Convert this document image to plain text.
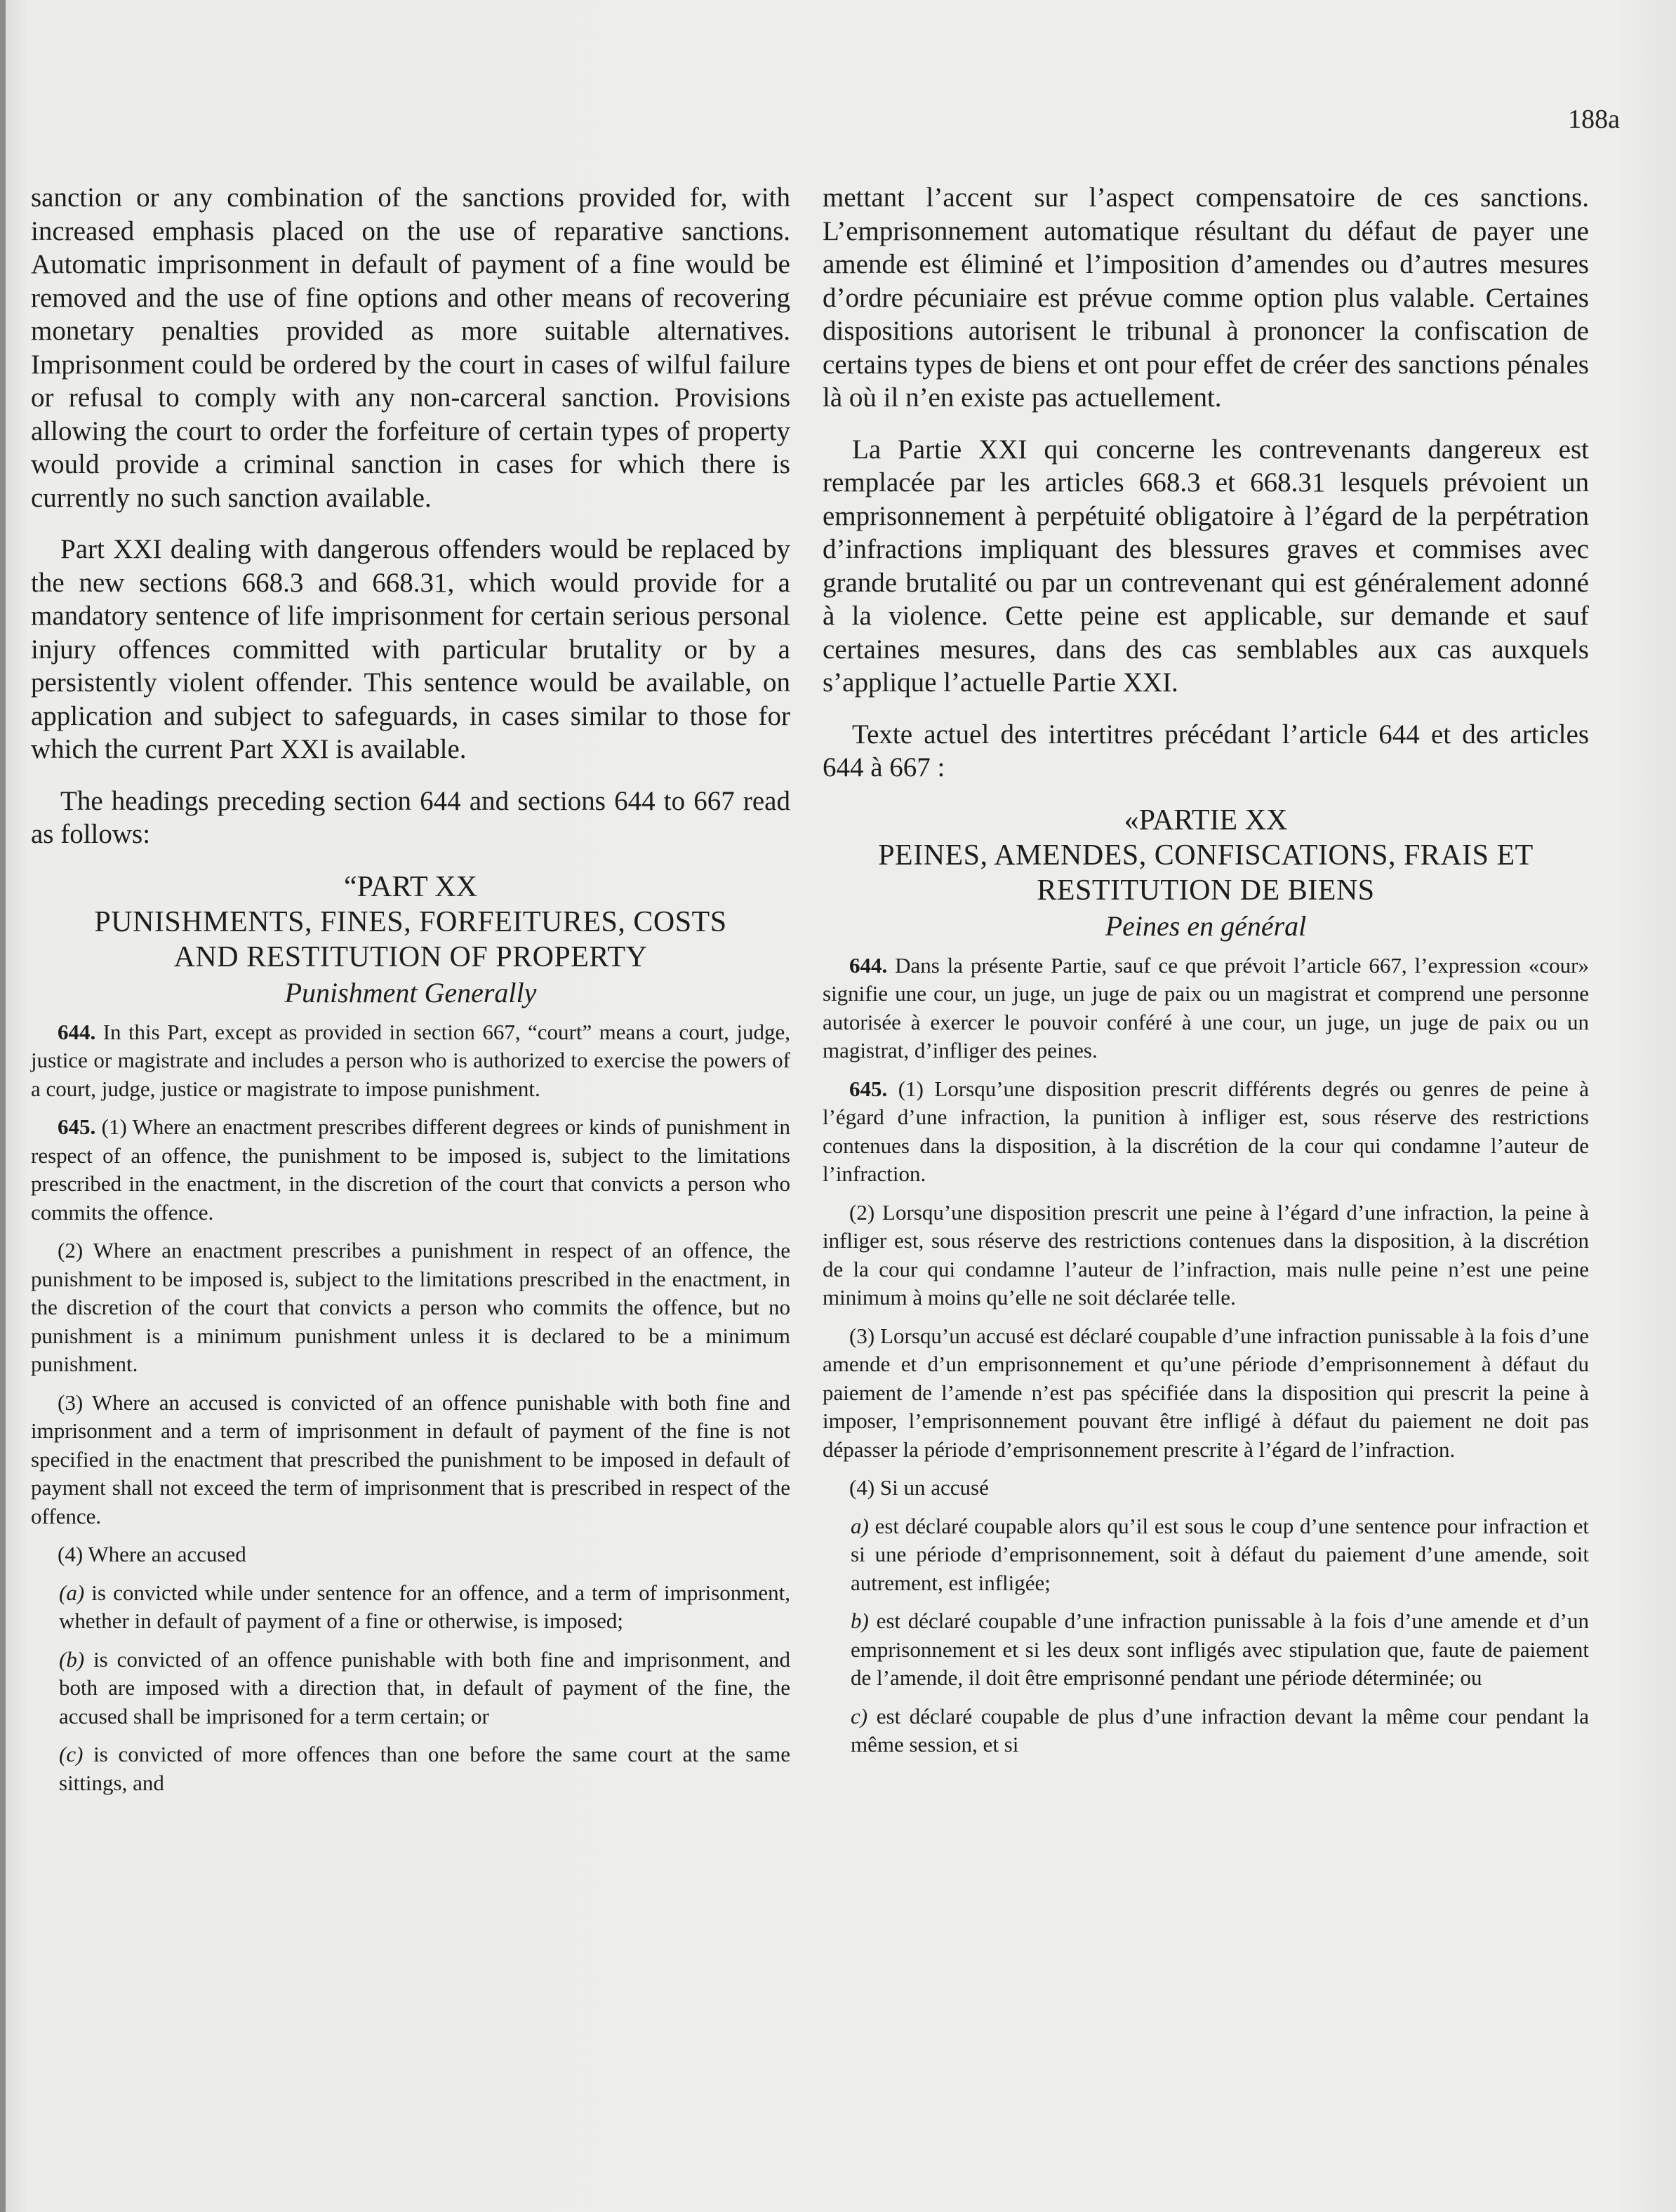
188a

sanction or any combination of the sanctions provided for, with increased emphasis placed on the use of reparative sanctions. Automatic imprisonment in default of payment of a fine would be removed and the use of fine options and other means of recovering monetary penalties provided as more suitable alternatives. Imprisonment could be ordered by the court in cases of wilful failure or refusal to comply with any non-carceral sanction. Provisions allowing the court to order the forfeiture of certain types of property would provide a criminal sanction in cases for which there is currently no such sanction available.

Part XXI dealing with dangerous offenders would be replaced by the new sections 668.3 and 668.31, which would provide for a mandatory sentence of life imprisonment for certain serious personal injury offences committed with particular brutality or by a persistently violent offender. This sentence would be available, on application and subject to safeguards, in cases similar to those for which the current Part XXI is available.

The headings preceding section 644 and sections 644 to 667 read as follows:

“PART XX
PUNISHMENTS, FINES, FORFEITURES, COSTS
AND RESTITUTION OF PROPERTY
Punishment Generally

644. In this Part, except as provided in section 667, “court” means a court, judge, justice or magistrate and includes a person who is authorized to exercise the powers of a court, judge, justice or magistrate to impose punishment.

645. (1) Where an enactment prescribes different degrees or kinds of punishment in respect of an offence, the punishment to be imposed is, subject to the limitations prescribed in the enactment, in the discretion of the court that convicts a person who commits the offence.

(2) Where an enactment prescribes a punishment in respect of an offence, the punishment to be imposed is, subject to the limitations prescribed in the enactment, in the discretion of the court that convicts a person who commits the offence, but no punishment is a minimum punishment unless it is declared to be a minimum punishment.

(3) Where an accused is convicted of an offence punishable with both fine and imprisonment and a term of imprisonment in default of payment of the fine is not specified in the enactment that prescribed the punishment to be imposed in default of payment shall not exceed the term of imprisonment that is prescribed in respect of the offence.

(4) Where an accused

(a) is convicted while under sentence for an offence, and a term of imprisonment, whether in default of payment of a fine or otherwise, is imposed;

(b) is convicted of an offence punishable with both fine and imprisonment, and both are imposed with a direction that, in default of payment of the fine, the accused shall be imprisoned for a term certain; or

(c) is convicted of more offences than one before the same court at the same sittings, and

mettant l’accent sur l’aspect compensatoire de ces sanctions. L’emprisonnement automatique résultant du défaut de payer une amende est éliminé et l’imposition d’amendes ou d’autres mesures d’ordre pécuniaire est prévue comme option plus valable. Certaines dispositions autorisent le tribunal à prononcer la confiscation de certains types de biens et ont pour effet de créer des sanctions pénales là où il n’en existe pas actuellement.

La Partie XXI qui concerne les contrevenants dangereux est remplacée par les articles 668.3 et 668.31 lesquels prévoient un emprisonnement à perpétuité obligatoire à l’égard de la perpétration d’infractions impliquant des blessures graves et commises avec grande brutalité ou par un contrevenant qui est généralement adonné à la violence. Cette peine est applicable, sur demande et sauf certaines mesures, dans des cas semblables aux cas auxquels s’applique l’actuelle Partie XXI.

Texte actuel des intertitres précédant l’article 644 et des articles 644 à 667 :

«PARTIE XX
PEINES, AMENDES, CONFISCATIONS, FRAIS ET
RESTITUTION DE BIENS
Peines en général

644. Dans la présente Partie, sauf ce que prévoit l’article 667, l’expression «cour» signifie une cour, un juge, un juge de paix ou un magistrat et comprend une personne autorisée à exercer le pouvoir conféré à une cour, un juge, un juge de paix ou un magistrat, d’infliger des peines.

645. (1) Lorsqu’une disposition prescrit différents degrés ou genres de peine à l’égard d’une infraction, la punition à infliger est, sous réserve des restrictions contenues dans la disposition, à la discrétion de la cour qui condamne l’auteur de l’infraction.

(2) Lorsqu’une disposition prescrit une peine à l’égard d’une infraction, la peine à infliger est, sous réserve des restrictions contenues dans la disposition, à la discrétion de la cour qui condamne l’auteur de l’infraction, mais nulle peine n’est une peine minimum à moins qu’elle ne soit déclarée telle.

(3) Lorsqu’un accusé est déclaré coupable d’une infraction punissable à la fois d’une amende et d’un emprisonnement et qu’une période d’emprisonnement à défaut du paiement de l’amende n’est pas spécifiée dans la disposition qui prescrit la peine à imposer, l’emprisonnement pouvant être infligé à défaut du paiement ne doit pas dépasser la période d’emprisonnement prescrite à l’égard de l’infraction.

(4) Si un accusé

a) est déclaré coupable alors qu’il est sous le coup d’une sentence pour infraction et si une période d’emprisonnement, soit à défaut du paiement d’une amende, soit autrement, est infligée;

b) est déclaré coupable d’une infraction punissable à la fois d’une amende et d’un emprisonnement et si les deux sont infligés avec stipulation que, faute de paiement de l’amende, il doit être emprisonné pendant une période déterminée; ou

c) est déclaré coupable de plus d’une infraction devant la même cour pendant la même session, et si
